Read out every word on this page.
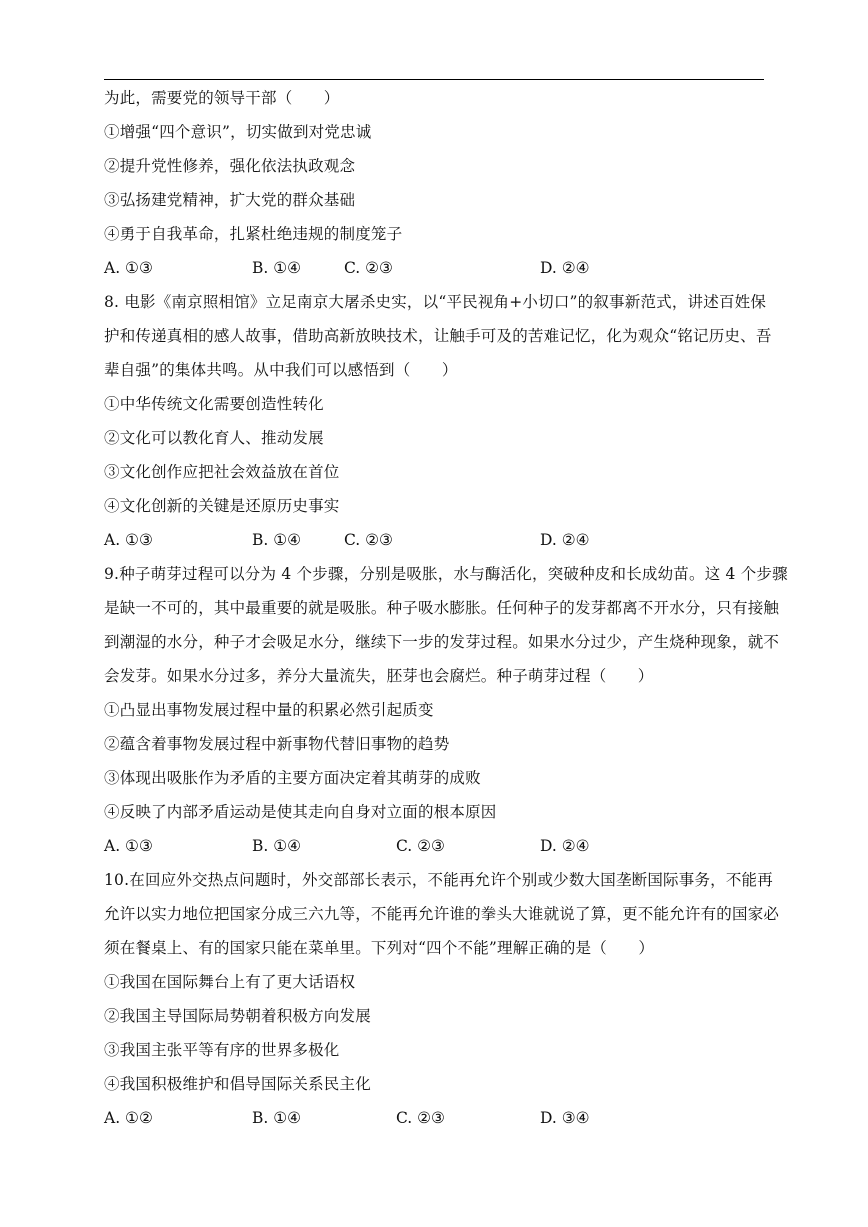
为此，需要党的领导干部（　　）
①增强“四个意识”，切实做到对党忠诚
②提升党性修养，强化依法执政观念
③弘扬建党精神，扩大党的群众基础
④勇于自我革命，扎紧杜绝违规的制度笼子
A. ①③	B. ①④	C. ②③	D. ②④
8. 电影《南京照相馆》立足南京大屠杀史实，以“平民视角+小切口”的叙事新范式，讲述百姓保
护和传递真相的感人故事，借助高新放映技术，让触手可及的苦难记忆，化为观众“铭记历史、吾
辈自强”的集体共鸣。从中我们可以感悟到（　　）
①中华传统文化需要创造性转化
②文化可以教化育人、推动发展
③文化创作应把社会效益放在首位
④文化创新的关键是还原历史事实
A. ①③	B. ①④	C. ②③	D. ②④
9.种子萌芽过程可以分为 4 个步骤，分别是吸胀，水与酶活化，突破种皮和长成幼苗。这 4 个步骤
是缺一不可的，其中最重要的就是吸胀。种子吸水膨胀。任何种子的发芽都离不开水分，只有接触
到潮湿的水分，种子才会吸足水分，继续下一步的发芽过程。如果水分过少，产生烧种现象，就不
会发芽。如果水分过多，养分大量流失，胚芽也会腐烂。种子萌芽过程（　　）
①凸显出事物发展过程中量的积累必然引起质变
②蕴含着事物发展过程中新事物代替旧事物的趋势
③体现出吸胀作为矛盾的主要方面决定着其萌芽的成败
④反映了内部矛盾运动是使其走向自身对立面的根本原因
A. ①③	B. ①④	C. ②③	D. ②④
10.在回应外交热点问题时，外交部部长表示，不能再允许个别或少数大国垄断国际事务，不能再
允许以实力地位把国家分成三六九等，不能再允许谁的拳头大谁就说了算，更不能允许有的国家必
须在餐桌上、有的国家只能在菜单里。下列对“四个不能”理解正确的是（　　）
①我国在国际舞台上有了更大话语权
②我国主导国际局势朝着积极方向发展
③我国主张平等有序的世界多极化
④我国积极维护和倡导国际关系民主化
A. ①②	B. ①④	C. ②③	D. ③④
